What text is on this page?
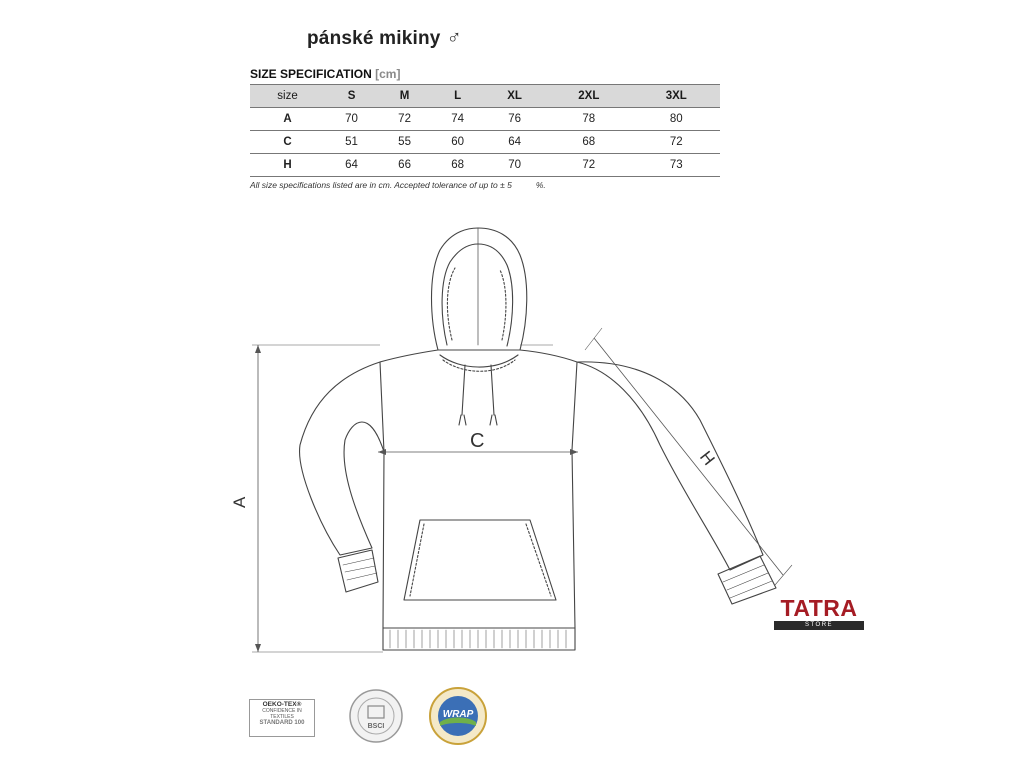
pánské mikiny ♂
SIZE SPECIFICATION [cm]
size	S	M	L	XL	2XL	3XL
A	70	72	74	76	78	80
C	51	55	60	64	68	72
H	64	66	68	70	72	73
All size specifications listed are in cm. Accepted tolerance of up to ± 5	%.
A
C
H
TATRA
STORE
OEKO-TEX®
CONFIDENCE IN TEXTILES
STANDARD 100	BSCI
WRAP
